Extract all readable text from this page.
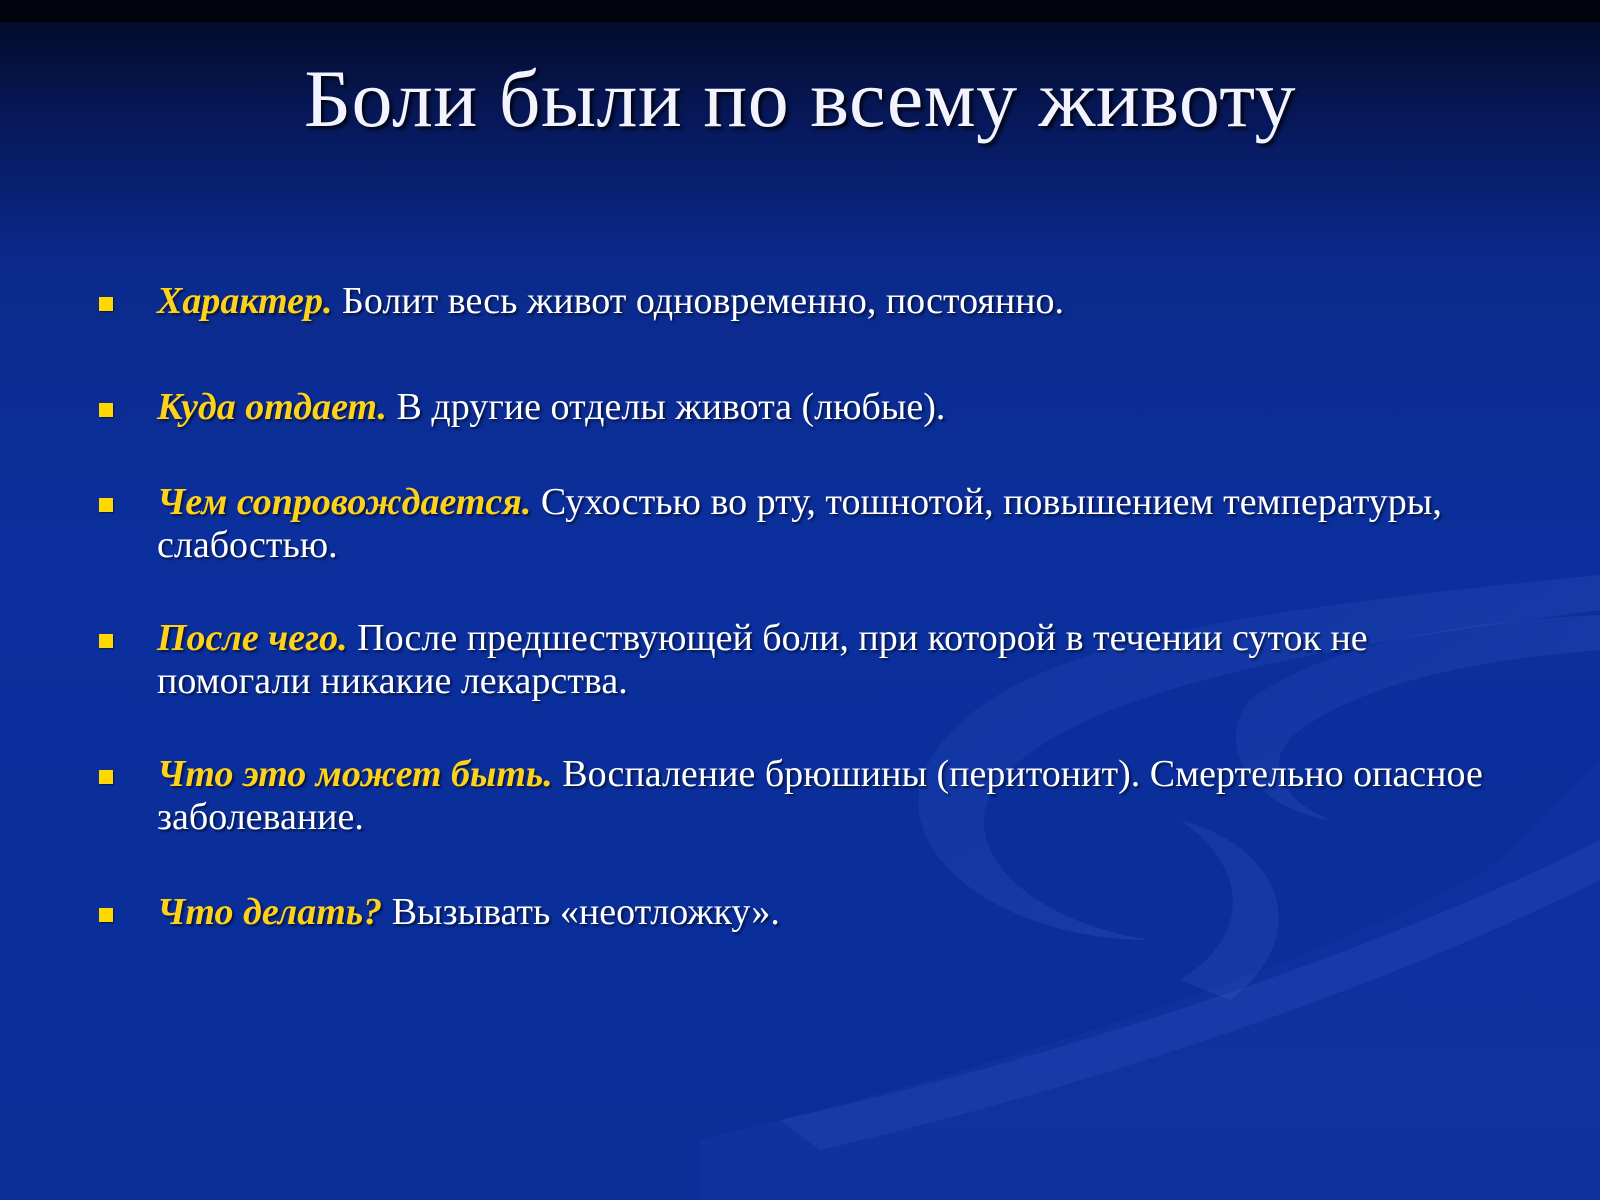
Боли были по всему животу
Характер. Болит весь живот одновременно, постоянно.
Куда отдает. В другие отделы живота (любые).
Чем сопровождается. Сухостью во рту, тошнотой, повышением температуры, слабостью.
После чего. После предшествующей боли, при которой в течении суток не помогали никакие лекарства.
Что это может быть. Воспаление брюшины (перитонит). Смертельно опасное заболевание.
Что делать? Вызывать «неотложку».
